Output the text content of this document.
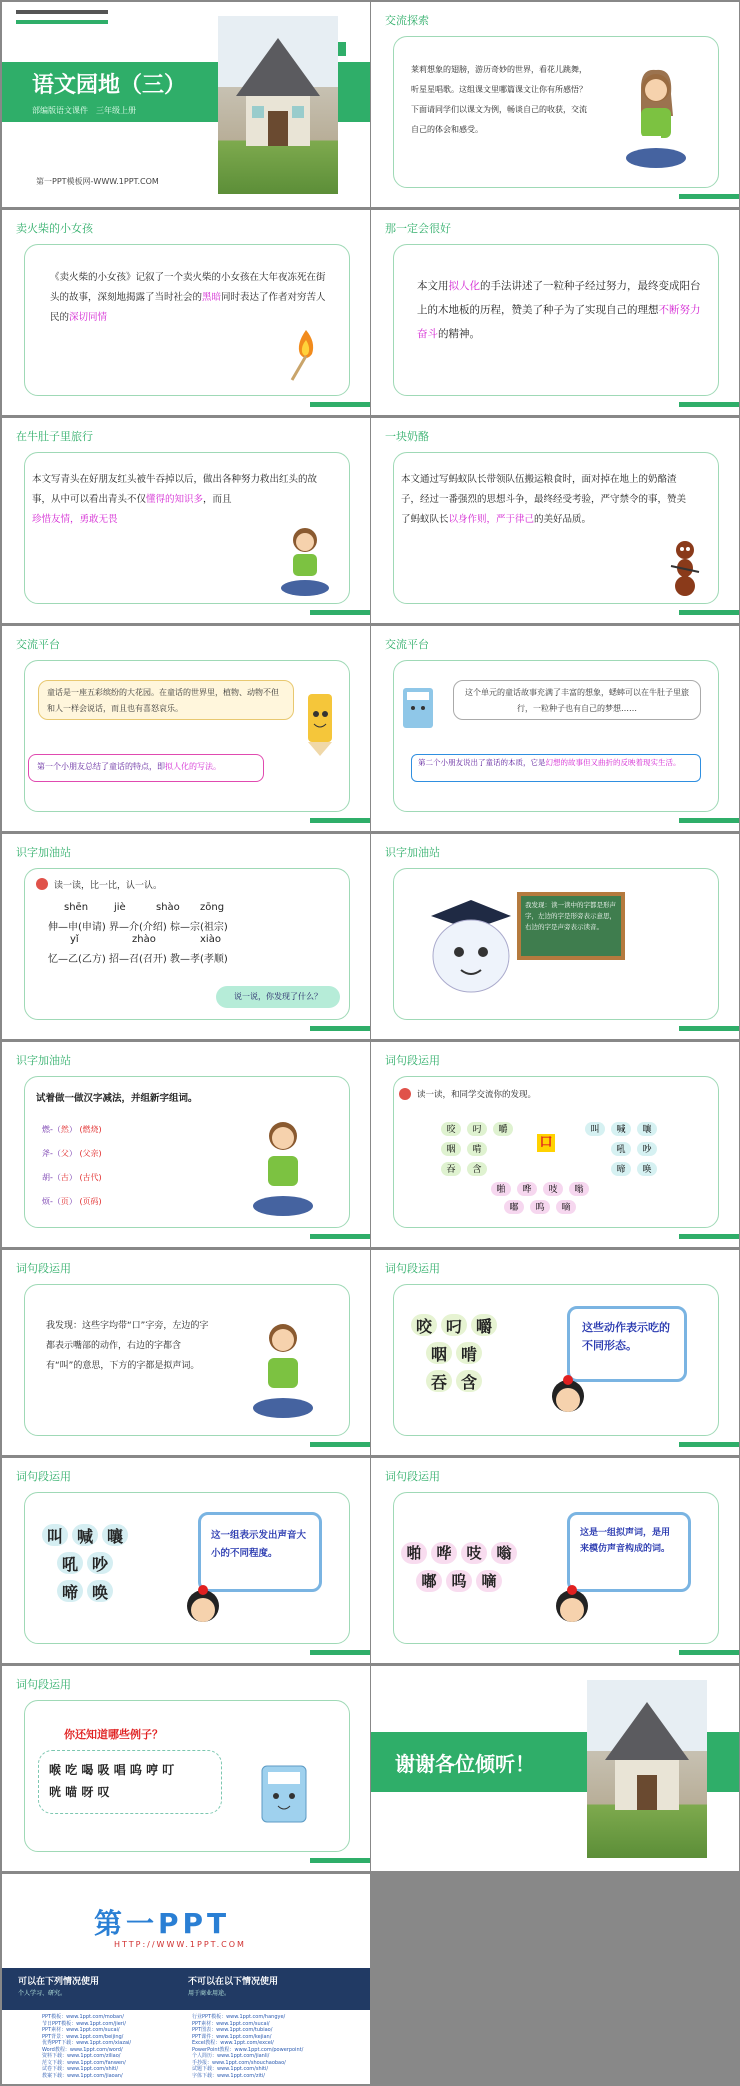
语文园地（三）
部编版语文课件　三年级上册
第一PPT模板网-WWW.1PPT.COM
交流探索
莱莉想象的翅膀，游历奇妙的世界，看花儿跳舞，听星星唱歌。这组课文里哪篇课文让你有所感悟？下面请同学们以课文为例，畅谈自己的收获，交流自己的体会和感受。
卖火柴的小女孩
《卖火柴的小女孩》记叙了一个卖火柴的小女孩在大年夜冻死在街头的故事，深刻地揭露了当时社会的黑暗同时表达了作者对穷苦人民的深切同情
那一定会很好
本文用拟人化的手法讲述了一粒种子经过努力，最终变成阳台上的木地板的历程，赞美了种子为了实现自己的理想不断努力奋斗的精神。
在牛肚子里旅行
本文写青头在好朋友红头被牛吞掉以后，做出各种努力救出红头的故事，从中可以看出青头不仅懂得的知识多，而且
珍惜友情，勇敢无畏
一块奶酪
本文通过写蚂蚁队长带领队伍搬运粮食时，面对掉在地上的奶酪渣子，经过一番强烈的思想斗争，最终经受考验，严守禁令的事，赞美了蚂蚁队长以身作则，严于律己的美好品质。
交流平台
童话是一座五彩缤纷的大花园。在童话的世界里，植物、动物不但和人一样会说话，而且也有喜怒哀乐。
第一个小朋友总结了童话的特点，即拟人化的写法。
交流平台
这个单元的童话故事充满了丰富的想象，蟋蟀可以在牛肚子里旅行，一粒种子也有自己的梦想……
第二个小朋友说出了童话的本质，它是幻想的故事但又曲折的反映着现实生活。
识字加油站
读一读，比一比，认一认。
shēn	jiè	shào zōng
伸—申(申请) 界—介(介绍) 棕—宗(祖宗)
yǐ	zhào	xiào
忆—乙(乙方) 招—召(召开) 教—孝(孝顺)
说一说，你发现了什么？
识字加油站
我发现：读一读中的字都是形声字，左边的字是形旁表示意思，右边的字是声旁表示读音。
识字加油站
试着做一做汉字减法，并组新字组词。
燃-（然） (燃烧)
斧-（父） (父亲)
胡-（古） (古代)
烦-（页） (页码)
词句段运用
读一读，和同学交流你的发现。
口
咬	叼	嚼
咽	啃
吞	含
叫	喊	嚷
吼	吵
啼	唤
啪	哗	吱	嗡
嘟	呜	嘀
词句段运用
我发现：这些字均带“口”字旁，左边的字都表示嘴部的动作，右边的字都含有“叫”的意思，下方的字都是拟声词。
词句段运用
咬 叼 嚼
咽 啃
吞 含
这些动作表示吃的不同形态。
词句段运用
叫 喊 嚷
吼 吵
啼 唤
这一组表示发出声音大小的不同程度。
词句段运用
啪 哗 吱 嗡
嘟 呜 嘀
这是一组拟声词，是用来模仿声音构成的词。
词句段运用
你还知道哪些例子？
喉 吃 喝 吸 唱 呜 哼 叮
咣 喵 呀 叹
谢谢各位倾听！
第一PPT
HTTP://WWW.1PPT.COM
可以在下列情况使用
个人学习、研究。
不可以在以下情况使用
用于商业用途。
PPT模板：www.1ppt.com/moban/
节日PPT模板：www.1ppt.com/jieri/
PPT素材：www.1ppt.com/sucai/
PPT背景：www.1ppt.com/beijing/
优秀PPT下载：www.1ppt.com/xiazai/
Word教程：www.1ppt.com/word/
资料下载：www.1ppt.com/ziliao/
范文下载：www.1ppt.com/fanwen/
试卷下载：www.1ppt.com/shiti/
教案下载：www.1ppt.com/jiaoan/
行业PPT模板：www.1ppt.com/hangye/
PPT素材：www.1ppt.com/sucai/
PPT图表：www.1ppt.com/tubiao/
PPT课件：www.1ppt.com/kejian/
Excel教程：www.1ppt.com/excel/
PowerPoint教程：www.1ppt.com/powerpoint/
个人简历：www.1ppt.com/jianli/
手抄报：www.1ppt.com/shouchaobao/
试题下载：www.1ppt.com/shiti/
字体下载：www.1ppt.com/ziti/
